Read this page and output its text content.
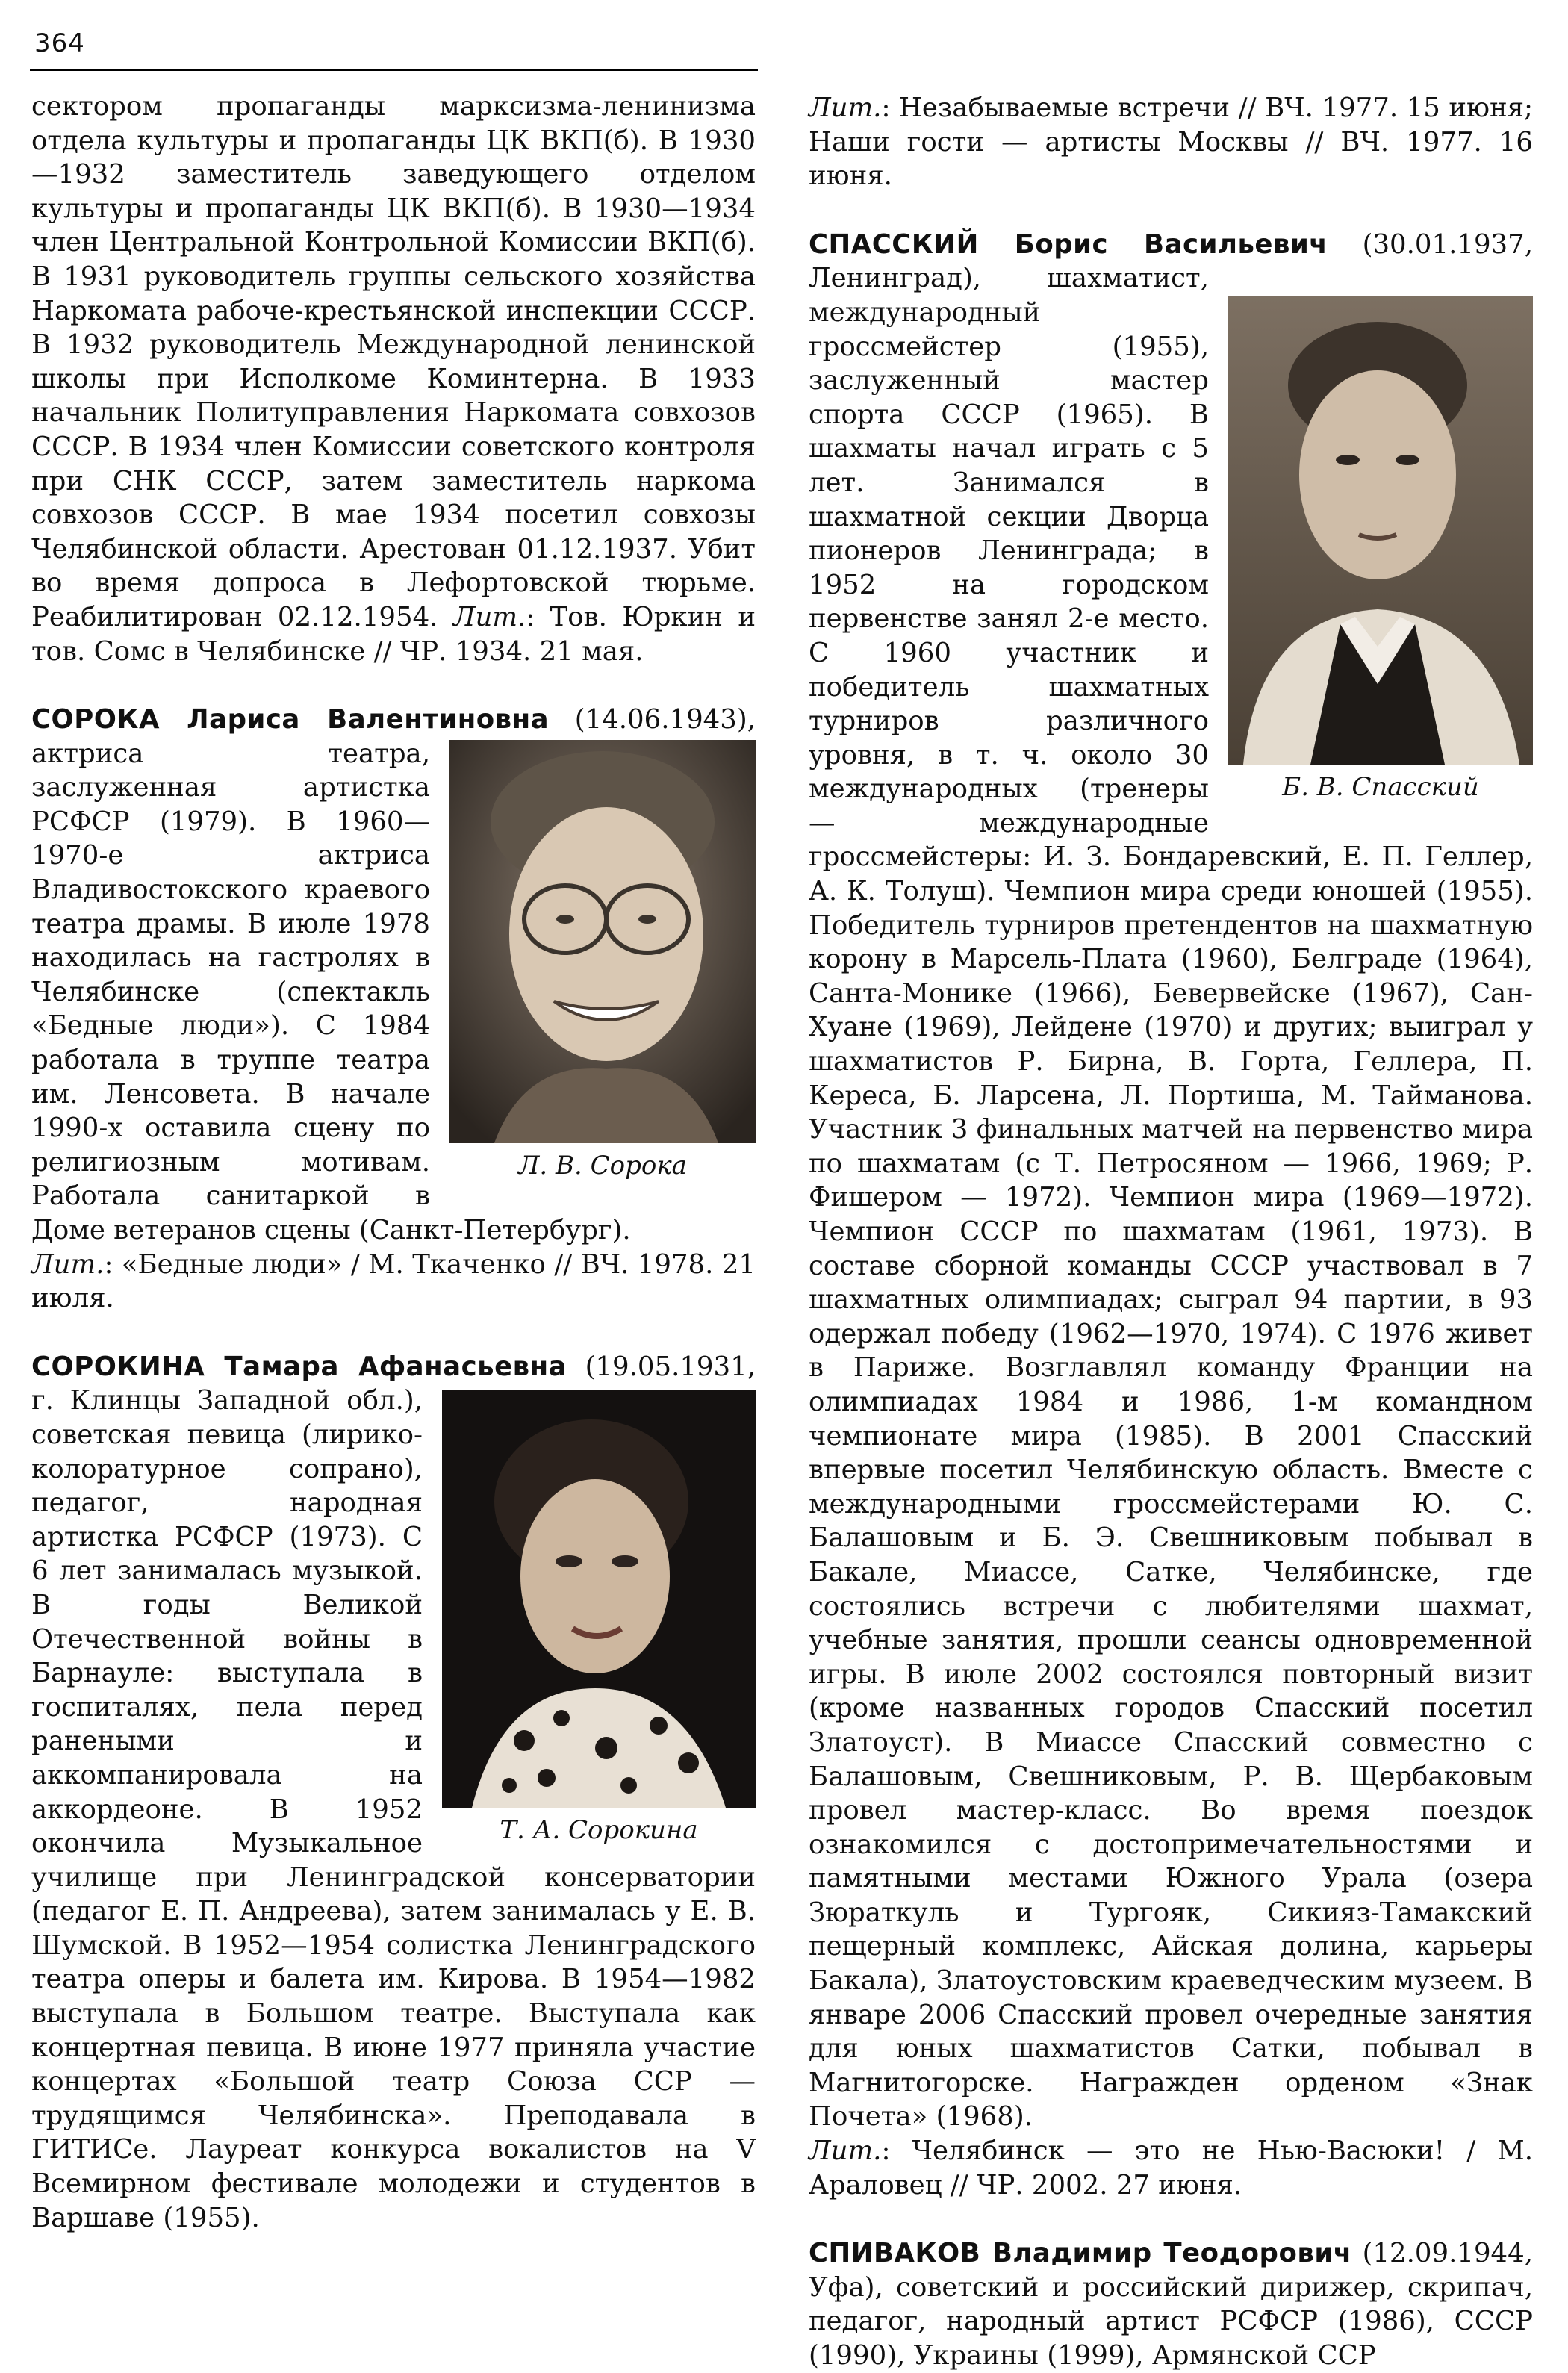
364

сектором пропаганды марксизма-ленинизма отдела культуры и пропаганды ЦК ВКП(б). В 1930—1932 заместитель заведующего отделом культуры и пропаганды ЦК ВКП(б). В 1930—1934 член Центральной Контрольной Комиссии ВКП(б). В 1931 руководитель группы сельского хозяйства Наркомата рабоче-крестьянской инспекции СССР. В 1932 руководитель Международной ленинской школы при Исполкоме Коминтерна. В 1933 начальник Политуправления Наркомата совхозов СССР. В 1934 член Комиссии советского контроля при СНК СССР, затем заместитель наркома совхозов СССР. В мае 1934 посетил совхозы Челябинской области. Арестован 01.12.1937. Убит во время допроса в Лефортовской тюрьме. Реабилитирован 02.12.1954. Лит.: Тов. Юркин и тов. Сомс в Челябинске // ЧР. 1934. 21 мая.

СОРОКА Лариса Валентиновна (14.06.1943),
Л. В. Сорока
актриса театра, заслуженная артистка РСФСР (1979). В 1960—1970-е актриса Владивостокского краевого театра драмы. В июле 1978 находилась на гастролях в Челябинске (спектакль «Бедные люди»). С 1984 работала в труппе театра им. Ленсовета. В начале 1990-х оставила сцену по религиозным мотивам. Работала санитаркой в Доме ветеранов сцены (Санкт-Петербург).

Лит.: «Бедные люди» / М. Ткаченко // ВЧ. 1978. 21 июля.

СОРОКИНА Тамара Афанасьевна (19.05.1931,
Т. А. Сорокина
г. Клинцы Западной обл.), советская певица (лирико-колоратурное сопрано), педагог, народная артистка РСФСР (1973). С 6 лет занималась музыкой. В годы Великой Отечественной войны в Барнауле: выступала в госпиталях, пела перед ранеными и аккомпанировала на аккордеоне. В 1952 окончила Музыкальное училище при Ленинградской консерватории (педагог Е. П. Андреева), затем занималась у Е. В. Шумской. В 1952—1954 солистка Ленинградского театра оперы и балета им. Кирова. В 1954—1982 выступала в Большом театре. Выступала как концертная певица. В июне 1977 приняла участие концертах «Большой театр Союза ССР — трудящимся Челябинска». Преподавала в ГИТИСе. Лауреат конкурса вокалистов на V Всемирном фестивале молодежи и студентов в Варшаве (1955).

Лит.: Незабываемые встречи // ВЧ. 1977. 15 июня; Наши гости — артисты Москвы // ВЧ. 1977. 16 июня.

СПАССКИЙ Борис Васильевич (30.01.1937,
Б. В. Спасский
Ленинград), шахматист, международный гроссмейстер (1955), заслуженный мастер спорта СССР (1965). В шахматы начал играть с 5 лет. Занимался в шахматной секции Дворца пионеров Ленинграда; в 1952 на городском первенстве занял 2-е место. С 1960 участник и победитель шахматных турниров различного уровня, в т. ч. около 30 международных (тренеры — международные гроссмейстеры: И. З. Бондаревский, Е. П. Геллер, А. К. Толуш). Чемпион мира среди юношей (1955). Победитель турниров претендентов на шахматную корону в Марсель-Плата (1960), Белграде (1964), Санта-Монике (1966), Бевервейске (1967), Сан-Хуане (1969), Лейдене (1970) и других; выиграл у шахматистов Р. Бирна, В. Горта, Геллера, П. Кереса, Б. Ларсена, Л. Портиша, М. Тайманова. Участник 3 финальных матчей на первенство мира по шахматам (с Т. Петросяном — 1966, 1969; Р. Фишером — 1972). Чемпион мира (1969—1972). Чемпион СССР по шахматам (1961, 1973). В составе сборной команды СССР участвовал в 7 шахматных олимпиадах; сыграл 94 партии, в 93 одержал победу (1962—1970, 1974). С 1976 живет в Париже. Возглавлял команду Франции на олимпиадах 1984 и 1986, 1-м командном чемпионате мира (1985). В 2001 Спасский впервые посетил Челябинскую область. Вместе с международными гроссмейстерами Ю. С. Балашовым и Б. Э. Свешниковым побывал в Бакале, Миассе, Сатке, Челябинске, где состоялись встречи с любителями шахмат, учебные занятия, прошли сеансы одновременной игры. В июле 2002 состоялся повторный визит (кроме названных городов Спасский посетил Златоуст). В Миассе Спасский совместно с Балашовым, Свешниковым, Р. В. Щербаковым провел мастер-класс. Во время поездок ознакомился с достопримечательностями и памятными местами Южного Урала (озера Зюраткуль и Тургояк, Сикияз-Тамакский пещерный комплекс, Айская долина, карьеры Бакала), Златоустовским краеведческим музеем. В январе 2006 Спасский провел очередные занятия для юных шахматистов Сатки, побывал в Магнитогорске. Награжден орденом «Знак Почета» (1968).

Лит.: Челябинск — это не Нью-Васюки! / М. Араловец // ЧР. 2002. 27 июня.

СПИВАКОВ Владимир Теодорович (12.09.1944, Уфа), советский и российский дирижер, скрипач, педагог, народный артист РСФСР (1986), СССР (1990), Украины (1999), Армянской ССР
